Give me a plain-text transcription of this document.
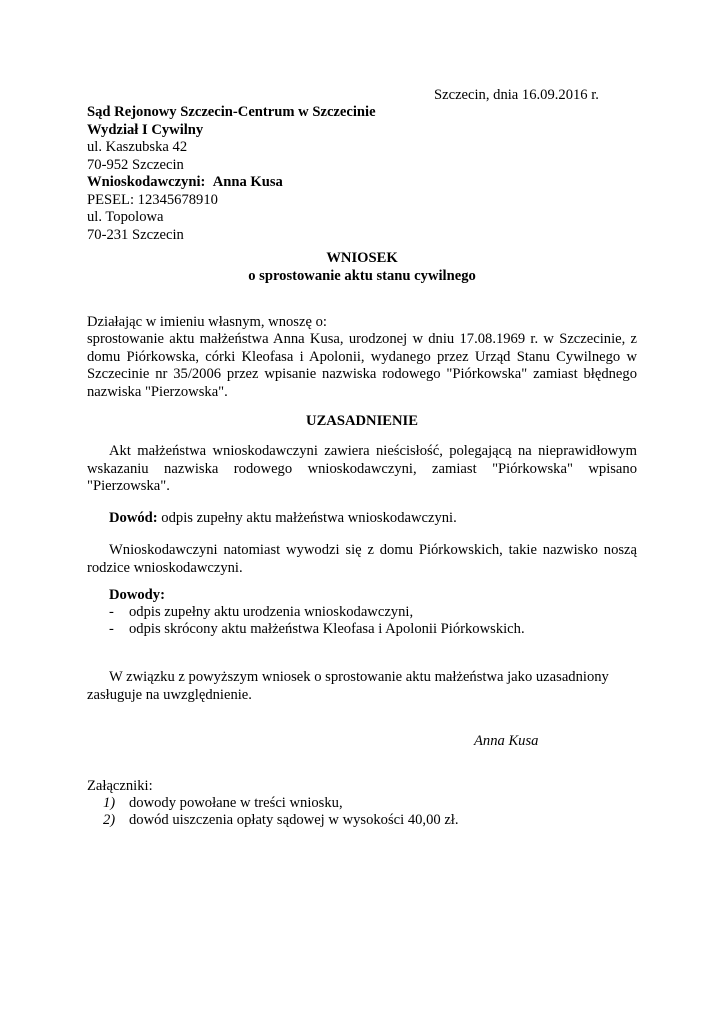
Szczecin, dnia 16.09.2016 r.
Sąd Rejonowy Szczecin-Centrum w Szczecinie
Wydział I Cywilny
ul. Kaszubska 42
70-952 Szczecin
Wnioskodawczyni: Anna Kusa
PESEL: 12345678910
ul. Topolowa
70-231 Szczecin
WNIOSEK
o sprostowanie aktu stanu cywilnego
Działając w imieniu własnym, wnoszę o:
sprostowanie aktu małżeństwa Anna Kusa, urodzonej w dniu 17.08.1969 r. w Szczecinie, z domu Piórkowska, córki Kleofasa i Apolonii, wydanego przez Urząd Stanu Cywilnego w Szczecinie nr 35/2006 przez wpisanie nazwiska rodowego "Piórkowska" zamiast błędnego nazwiska "Pierzowska".
UZASADNIENIE
Akt małżeństwa wnioskodawczyni zawiera nieścisłość, polegającą na nieprawidłowym wskazaniu nazwiska rodowego wnioskodawczyni, zamiast "Piórkowska" wpisano "Pierzowska".
Dowód: odpis zupełny aktu małżeństwa wnioskodawczyni.
Wnioskodawczyni natomiast wywodzi się z domu Piórkowskich, takie nazwisko noszą rodzice wnioskodawczyni.
Dowody:
- odpis zupełny aktu urodzenia wnioskodawczyni,
- odpis skrócony aktu małżeństwa Kleofasa i Apolonii Piórkowskich.
W związku z powyższym wniosek o sprostowanie aktu małżeństwa jako uzasadniony zasługuje na uwzględnienie.
Anna Kusa
Załączniki:
1) dowody powołane w treści wniosku,
2) dowód uiszczenia opłaty sądowej w wysokości 40,00 zł.
